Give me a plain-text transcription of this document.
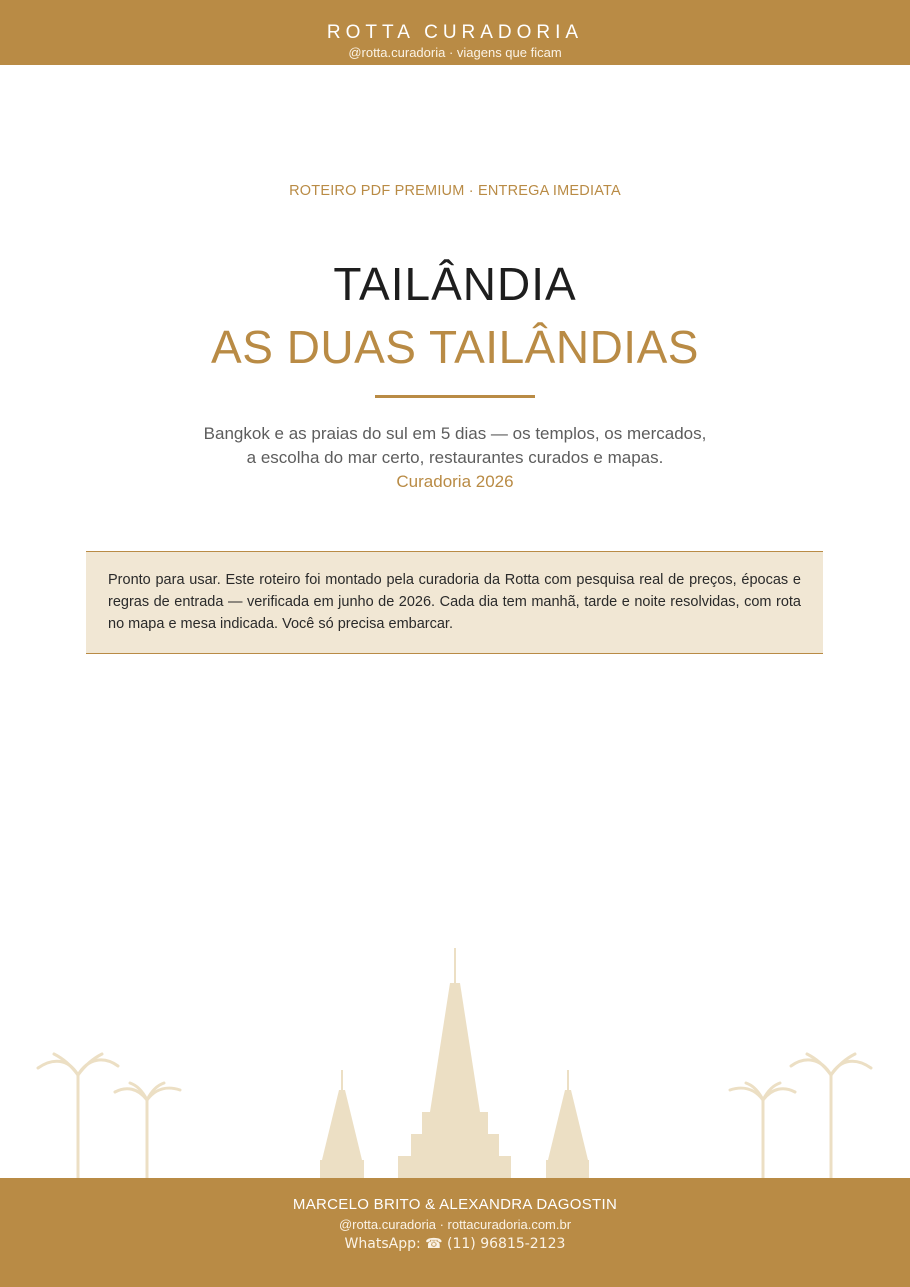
ROTTA CURADORIA
@rotta.curadoria · viagens que ficam
ROTEIRO PDF PREMIUM · ENTREGA IMEDIATA
TAILÂNDIA
AS DUAS TAILÂNDIAS
Bangkok e as praias do sul em 5 dias — os templos, os mercados,
a escolha do mar certo, restaurantes curados e mapas.
Curadoria 2026
Pronto para usar. Este roteiro foi montado pela curadoria da Rotta com pesquisa real de preços, épocas e regras de entrada — verificada em junho de 2026. Cada dia tem manhã, tarde e noite resolvidas, com rota no mapa e mesa indicada. Você só precisa embarcar.
MARCELO BRITO & ALEXANDRA DAGOSTIN
@rotta.curadoria · rottacuradoria.com.br
WhatsApp: ☎ (11) 96815-2123
